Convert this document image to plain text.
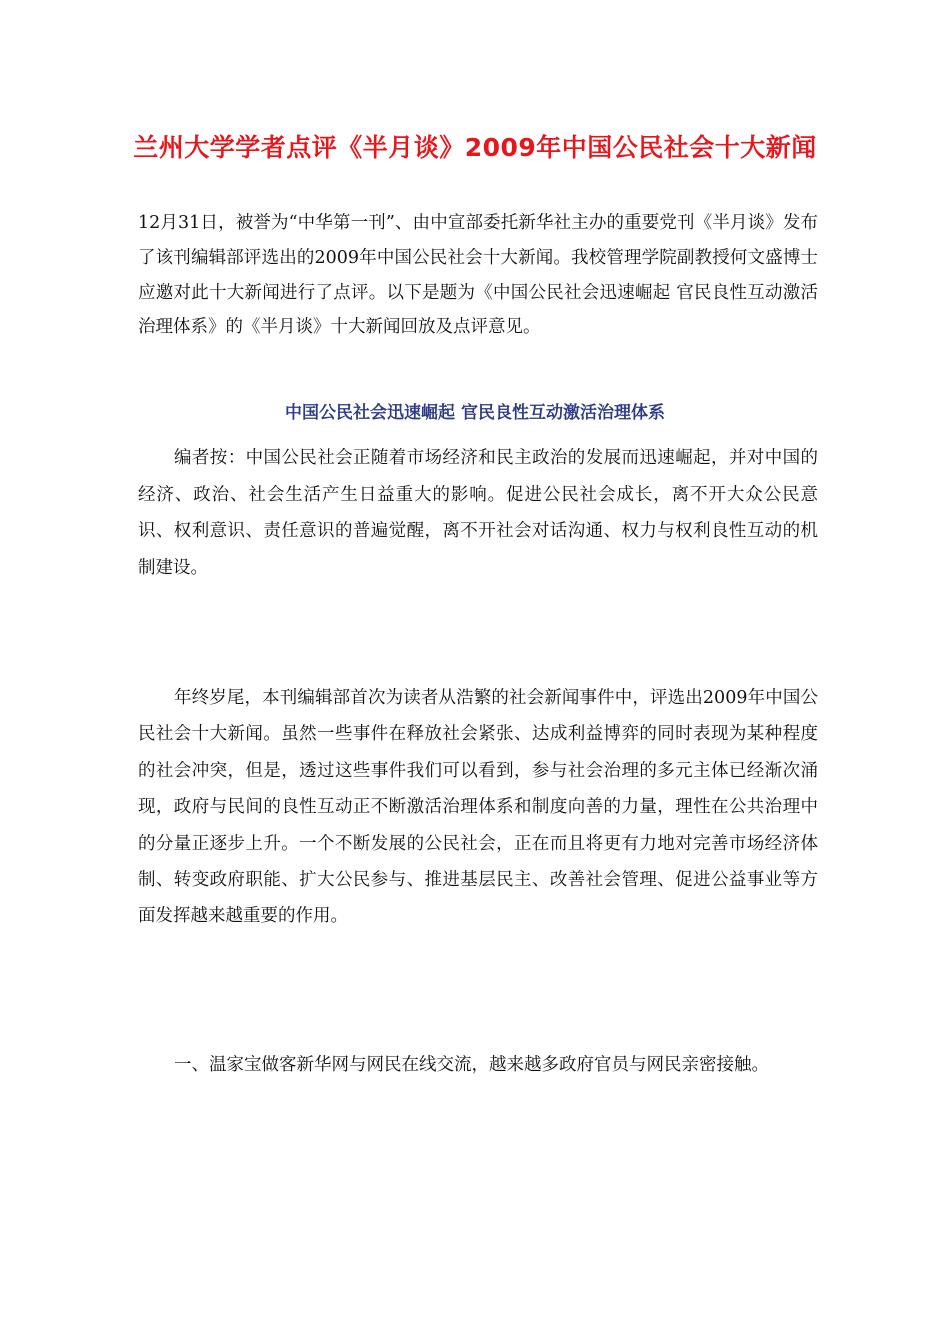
兰州大学学者点评《半月谈》2009年中国公民社会十大新闻

12月31日，被誉为“中华第一刊”、由中宣部委托新华社主办的重要党刊《半月谈》发布了该刊编辑部评选出的2009年中国公民社会十大新闻。我校管理学院副教授何文盛博士应邀对此十大新闻进行了点评。以下是题为《中国公民社会迅速崛起 官民良性互动激活治理体系》的《半月谈》十大新闻回放及点评意见。

中国公民社会迅速崛起 官民良性互动激活治理体系

编者按：中国公民社会正随着市场经济和民主政治的发展而迅速崛起，并对中国的经济、政治、社会生活产生日益重大的影响。促进公民社会成长，离不开大众公民意识、权利意识、责任意识的普遍觉醒，离不开社会对话沟通、权力与权利良性互动的机制建设。

年终岁尾，本刊编辑部首次为读者从浩繁的社会新闻事件中，评选出2009年中国公民社会十大新闻。虽然一些事件在释放社会紧张、达成利益博弈的同时表现为某种程度的社会冲突，但是，透过这些事件我们可以看到，参与社会治理的多元主体已经渐次涌现，政府与民间的良性互动正不断激活治理体系和制度向善的力量，理性在公共治理中的分量正逐步上升。一个不断发展的公民社会，正在而且将更有力地对完善市场经济体制、转变政府职能、扩大公民参与、推进基层民主、改善社会管理、促进公益事业等方面发挥越来越重要的作用。

一、温家宝做客新华网与网民在线交流，越来越多政府官员与网民亲密接触。
